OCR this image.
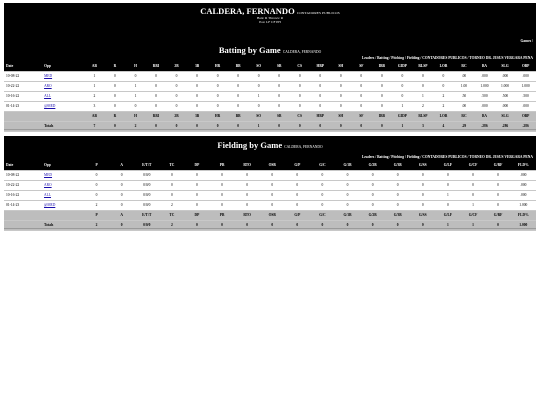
CALDERA, FERNANDO CONTADORES PUBLICOS
Bats: R Throws: R
Pos: LF CF PH
Games /
Batting by Game CALDERA, FERNANDO
Leaders / Batting / Pitching / Fielding / CONTADORES PUBLICOS / TORNEO DR. JESUS VERGARA PENA
Date	Opp	AB	R	H	RBI	2B	3B	HR	BB	SO	SB	CS	HBP	SH	SF	IBB	GIDP	RLSP	LOB	RC	BA	SLG	OBP
10-08-22	MED	1	0	0	0	0	0	0	0	0	0	0	0	0	0	0	0	0	0	.00	.000	.000	.000
10-22-22	ARO	1	0	1	0	0	0	0	0	0	0	0	0	0	0	0	0	0	0	1.00	1.000	1.000	1.000
10-16-22	ALL	2	0	1	0	0	0	0	0	1	0	0	0	0	0	0	0	1	2	.50	.500	.500	.500
01-14-23	@MED	3	0	0	0	0	0	0	0	0	0	0	0	0	0	0	1	2	2	.00	.000	.000	.000
		AB	R	H	RBI	2B	3B	HR	BB	SO	SB	CS	HBP	SH	SF	IBB	GIDP	RLSP	LOB	RC	BA	SLG	OBP
	Totals	7	0	2	0	0	0	0	0	1	0	0	0	0	0	0	1	3	4	.29	.286	.286	.286
Fielding by Game CALDERA, FERNANDO
Leaders / Batting / Pitching / Fielding / CONTADORES PUBLICOS / TORNEO DR. JESUS VERGARA PENA
Date	Opp	P	A	E/T/T	TC	DP	PB	RTO	OSB	G/P	G/C	G/1B	G/2B	G/3B	G/SS	G/LF	G/CF	G/RF	FLD%
10-08-22	MED	0	0	0/0/0	0	0	0	0	0	0	0	0	0	0	0	0	0	0	.000
10-22-22	ARO	0	0	0/0/0	0	0	0	0	0	0	0	0	0	0	0	0	0	0	.000
10-16-22	ALL	0	0	0/0/0	0	0	0	0	0	0	0	0	0	0	0	1	0	0	.000
01-14-23	@MED	2	0	0/0/0	2	0	0	0	0	0	0	0	0	0	0	0	1	0	1.000
		P	A	E/T/T	TC	DP	PB	RTO	OSB	G/P	G/C	G/1B	G/2B	G/3B	G/SS	G/LF	G/CF	G/RF	FLD%
	Totals	2	0	0/0/0	2	0	0	0	0	0	0	0	0	0	0	1	1	0	1.000
